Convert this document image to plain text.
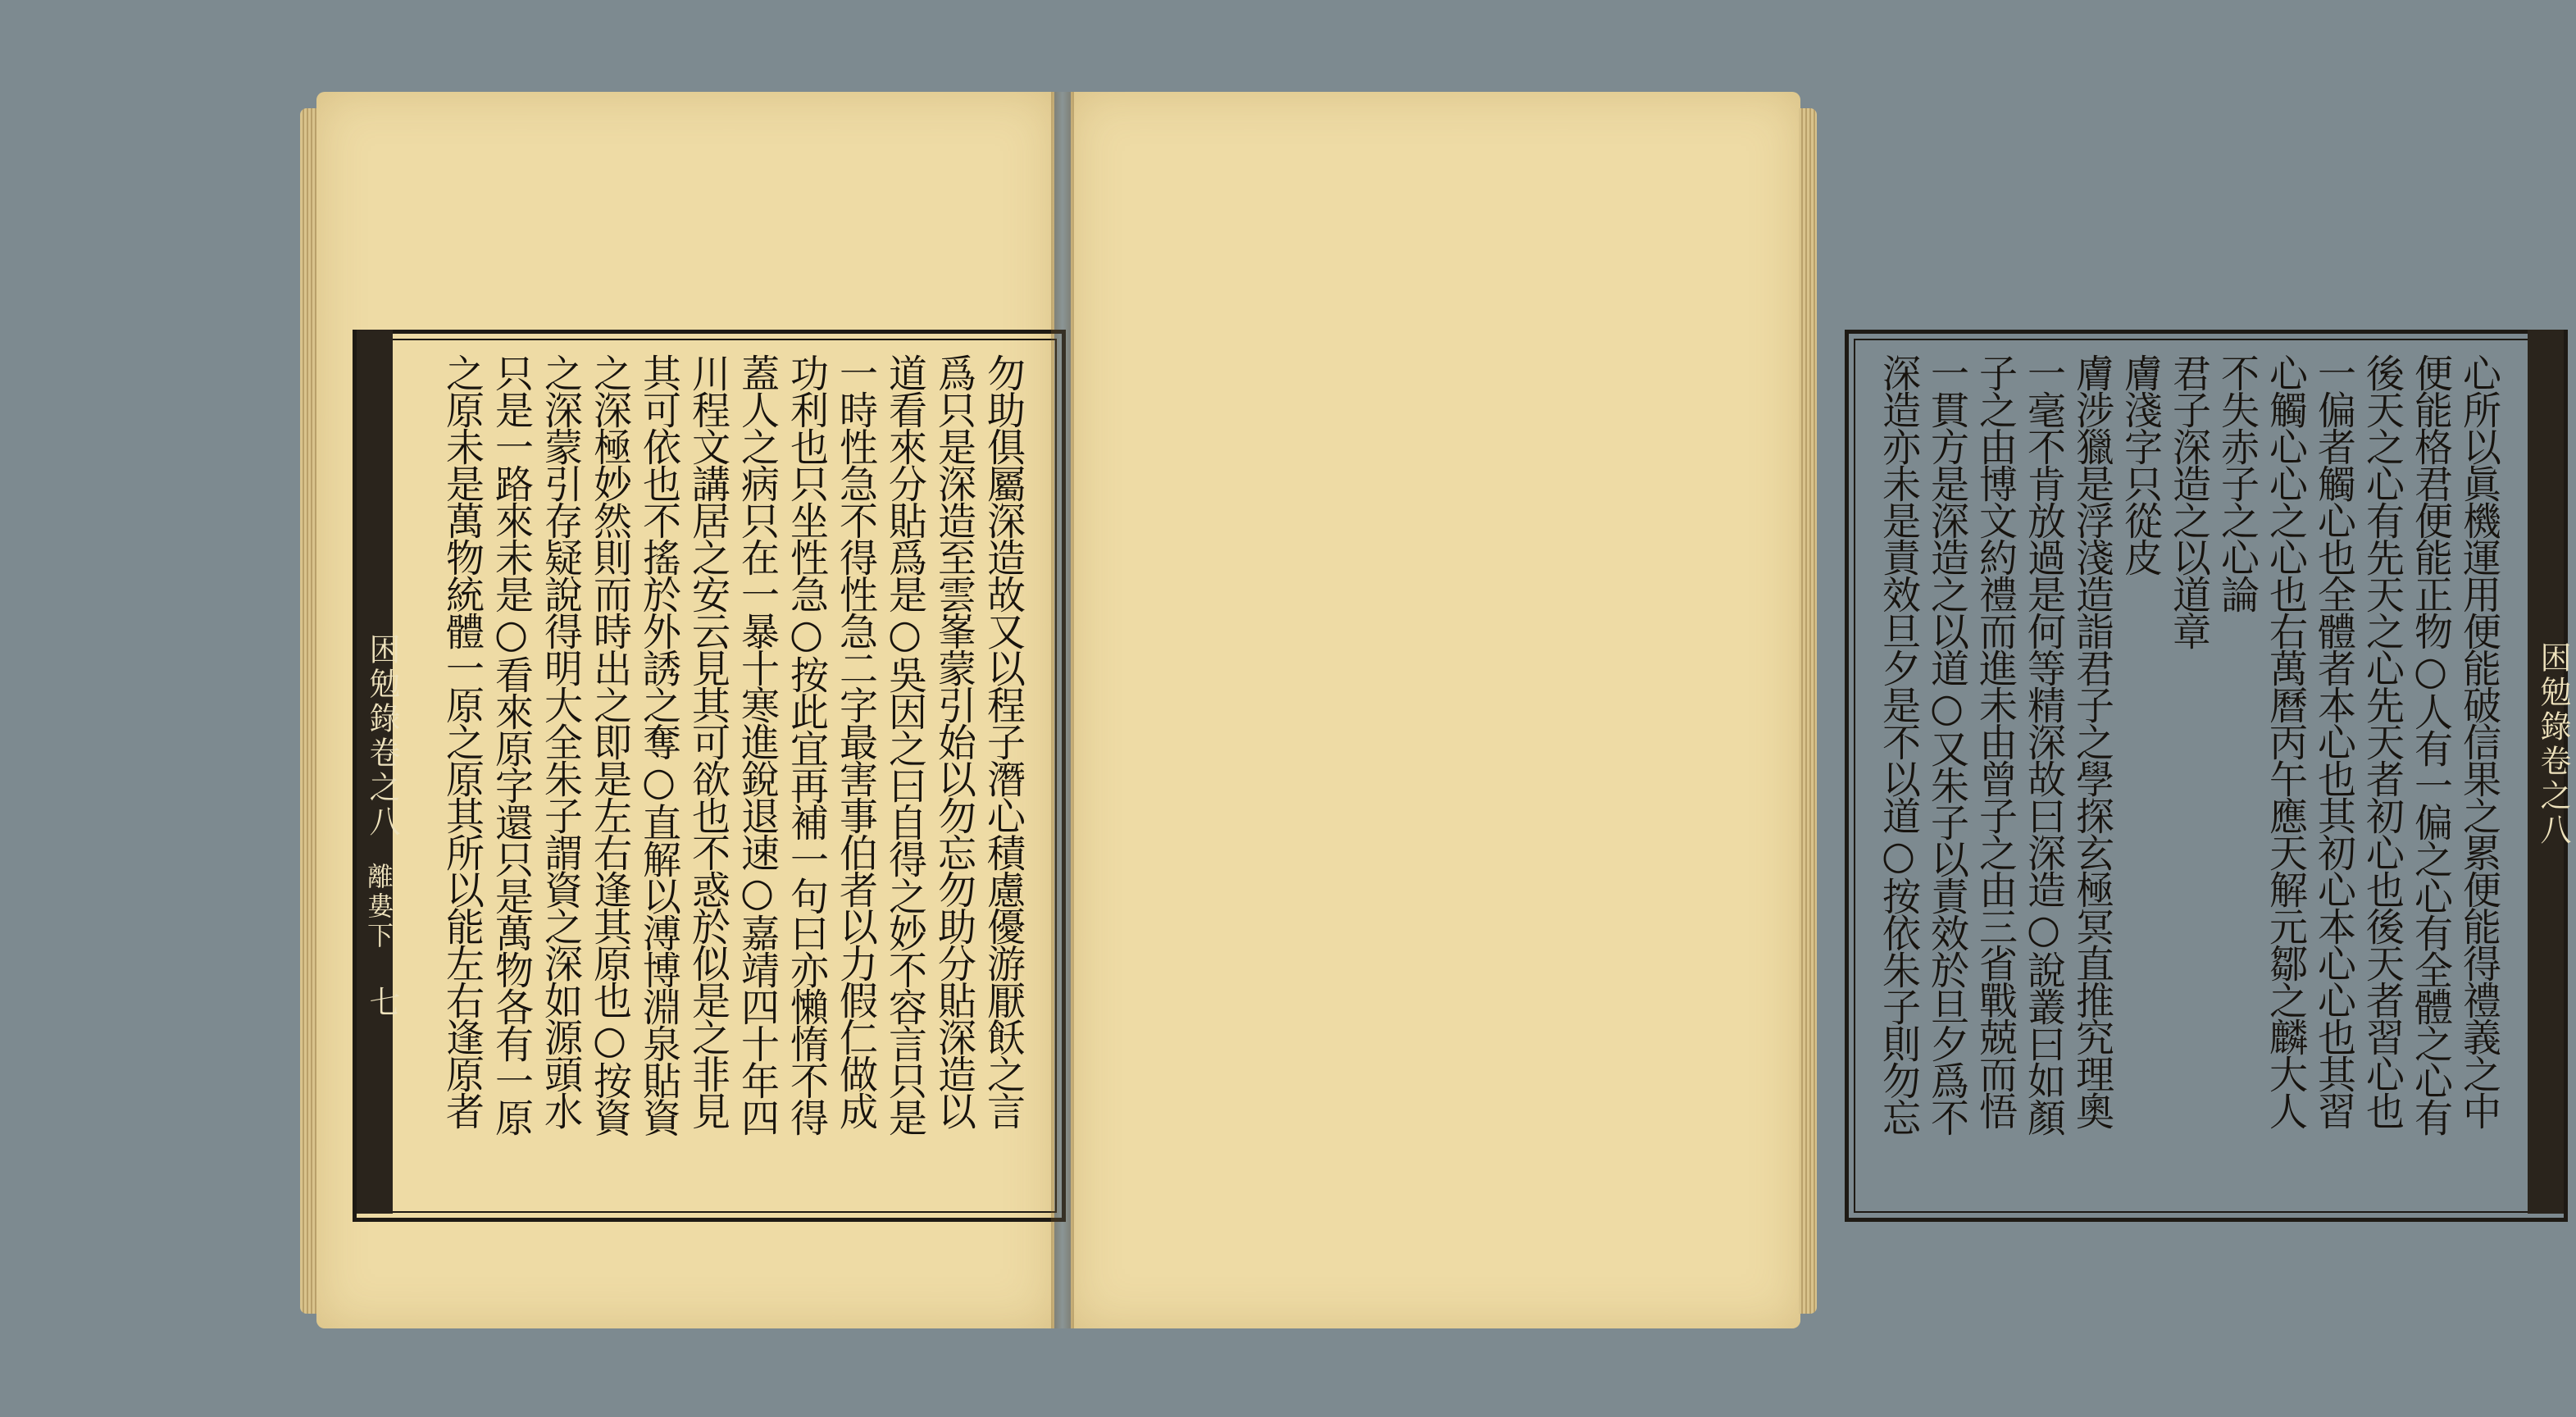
困勉錄卷之八
離婁下
七	勿助俱屬深造故又以程子潛心積慮優游厭飫之言
爲只是深造至雲峯蒙引始以勿忘勿助分貼深造以
道看來分貼爲是○吳因之曰自得之妙不容言只是
一時性急不得性急二字最害事伯者以力假仁做成
功利也只坐性急○按此宜再補一句曰亦懶惰不得
蓋人之病只在一暴十寒進銳退速○嘉靖四十年四
川程文講居之安云見其可欲也不惑於似是之非見
其可依也不搖於外誘之奪○直解以溥博淵泉貼資
之深極妙然則而時出之即是左右逢其原也○按資
之深蒙引存疑說得明大全朱子謂資之深如源頭水
只是一路來未是○看來原字還只是萬物各有一原
之原未是萬物統體一原之原其所以能左右逢原者	困勉錄卷之八
心所以眞機運用便能破信果之累便能得禮義之中
便能格君便能正物○人有一偏之心有全體之心有
後天之心有先天之心先天者初心也後天者習心也
一偏者觸心也全體者本心也其初心本心心也其習
心觸心心之心也右萬曆丙午應天解元鄒之麟大人
不失赤子之心論
君子深造之以道章
膚淺字只從皮
膚涉獵是浮淺造詣君子之學探玄極冥直推究理奧
一毫不肯放過是何等精深故曰深造○說叢曰如顏
子之由博文約禮而進未由曾子之由三省戰兢而悟
一貫方是深造之以道○又朱子以責效於旦夕爲不
深造亦未是責效旦夕是不以道○按依朱子則勿忘
